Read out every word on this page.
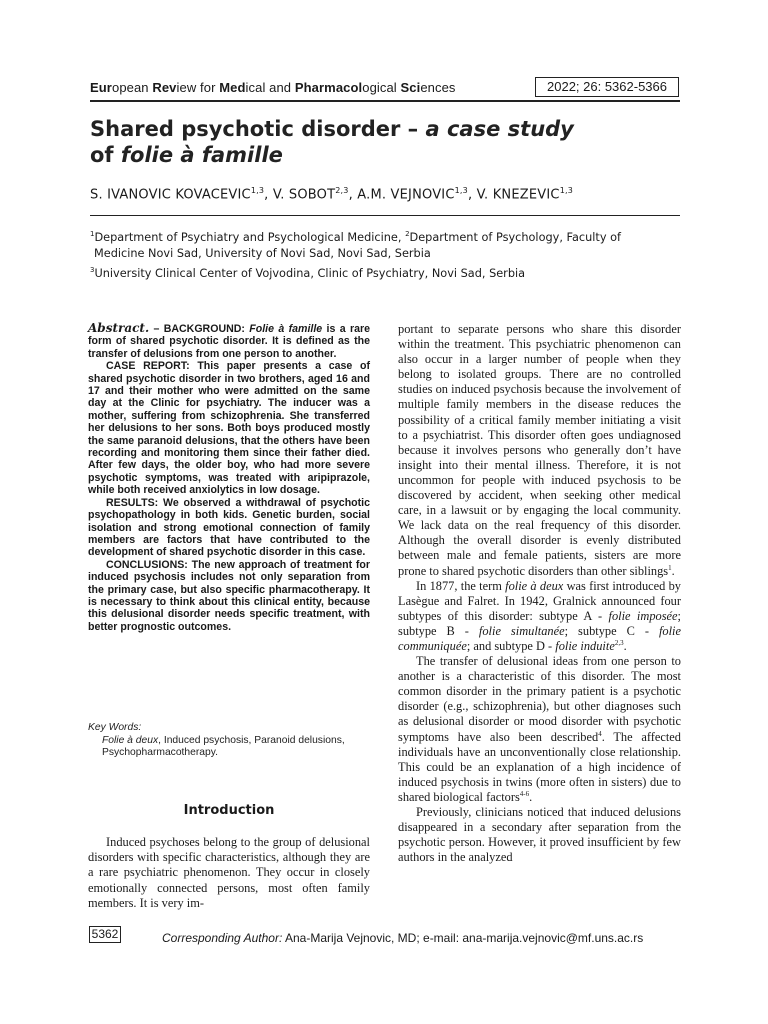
European Review for Medical and Pharmacological Sciences	2022; 26: 5362-5366
Shared psychotic disorder – a case study
of folie à famille
S. IVANOVIC KOVACEVIC$^{1,3}$, V. SOBOT$^{2,3}$, A.M. VEJNOVIC$^{1,3}$, V. KNEZEVIC$^{1,3}$
$^1$Department of Psychiatry and Psychological Medicine, $^2$Department of Psychology, Faculty of
Medicine Novi Sad, University of Novi Sad, Novi Sad, Serbia
$^3$University Clinical Center of Vojvodina, Clinic of Psychiatry, Novi Sad, Serbia

Abstract. – BACKGROUND: Folie à famille is a rare form of shared psychotic disorder. It is defined as the transfer of delusions from one person to another.

CASE REPORT: This paper presents a case of shared psychotic disorder in two brothers, aged 16 and 17 and their mother who were admitted on the same day at the Clinic for psychiatry. The inducer was a mother, suffering from schizophrenia. She transferred her delusions to her sons. Both boys produced mostly the same paranoid delusions, that the others have been recording and monitoring them since their father died. After few days, the older boy, who had more severe psychotic symptoms, was treated with aripiprazole, while both received anxiolytics in low dosage.

RESULTS: We observed a withdrawal of psychotic psychopathology in both kids. Genetic burden, social isolation and strong emotional connection of family members are factors that have contributed to the development of shared psychotic disorder in this case.

CONCLUSIONS: The new approach of treatment for induced psychosis includes not only separation from the primary case, but also specific pharmacotherapy. It is necessary to think about this clinical entity, because this delusional disorder needs specific treatment, with better prognostic outcomes.

Key Words:
Folie à deux, Induced psychosis, Paranoid delusions, Psychopharmacotherapy.
Introduction

Induced psychoses belong to the group of delusional disorders with specific characteristics, although they are a rare psychiatric phenomenon. They occur in closely emotionally connected persons, most often family members. It is very im-

portant to separate persons who share this disorder within the treatment. This psychiatric phenomenon can also occur in a larger number of people when they belong to isolated groups. There are no controlled studies on induced psychosis because the involvement of multiple family members in the disease reduces the possibility of a critical family member initiating a visit to a psychiatrist. This disorder often goes undiagnosed because it involves persons who generally don’t have insight into their mental illness. Therefore, it is not uncommon for people with induced psychosis to be discovered by accident, when seeking other medical care, in a lawsuit or by engaging the local community. We lack data on the real frequency of this disorder. Although the overall disorder is evenly distributed between male and female patients, sisters are more prone to shared psychotic disorders than other siblings$^1$.

In 1877, the term folie à deux was first introduced by Lasègue and Falret. In 1942, Gralnick announced four subtypes of this disorder: subtype A - folie imposée; subtype B - folie simultanée; subtype C - folie communiquée; and subtype D - folie induite$^{2,3}$.

The transfer of delusional ideas from one person to another is a characteristic of this disorder. The most common disorder in the primary patient is a psychotic disorder (e.g., schizophrenia), but other diagnoses such as delusional disorder or mood disorder with psychotic symptoms have also been described$^4$. The affected individuals have an unconventionally close relationship. This could be an explanation of a high incidence of induced psychosis in twins (more often in sisters) due to shared biological factors$^{4-6}$.

Previously, clinicians noticed that induced delusions disappeared in a secondary after separation from the psychotic person. However, it proved insufficient by few authors in the analyzed

5362	Corresponding Author: Ana-Marija Vejnovic, MD; e-mail: ana-marija.vejnovic@mf.uns.ac.rs
